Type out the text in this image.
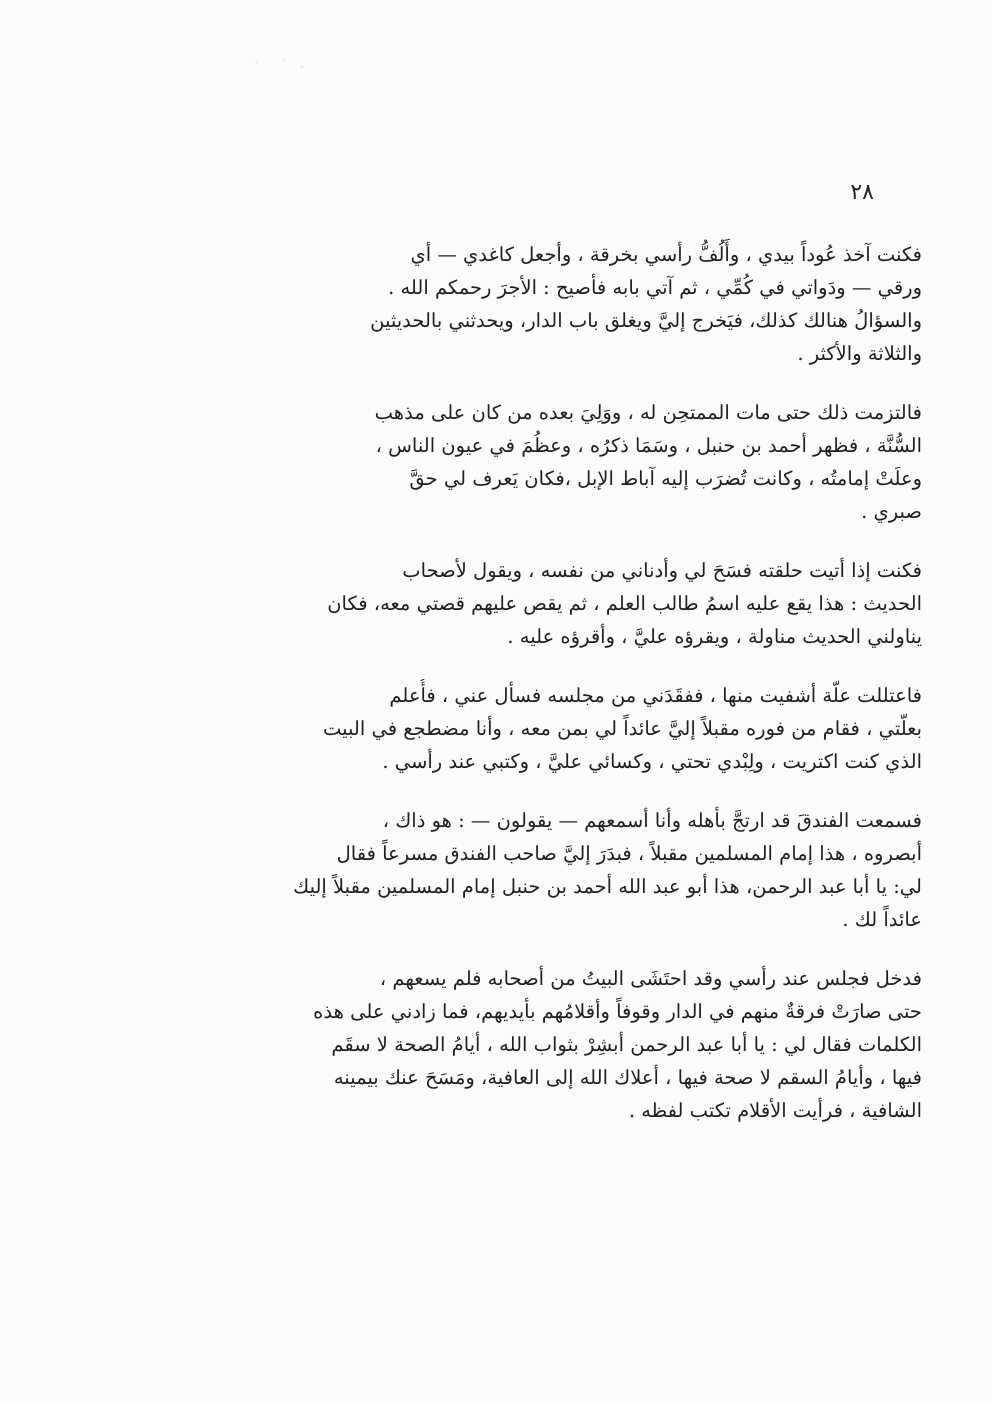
٢٨

فكنت آخذ عُوداً بيدي ، وأَلُفُّ رأسي بخرقة ، وأجعل كاغدي — أي
ورقي — ودَواتي في كُمِّي ، ثم آتي بابه فأصيح : الأجرَ رحمكم الله .
والسؤالُ هنالك كذلك، فيَخرج إليَّ ويغلق باب الدار، ويحدثني بالحديثين
والثلاثة والأكثر .

فالتزمت ذلك حتى مات الممتحِن له ، ووَلِيَ بعده من كان على مذهب
السُّنَّة ، فظهر أحمد بن حنبل ، وسَمَا ذكرُه ، وعظُمَ في عيون الناس ،
وعلَتْ إمامتُه ، وكانت تُضرَب إليه آباط الإبل ،فكان يَعرف لي حقَّ
صبري .

فكنت إذا أتيت حلقته فسَحَ لي وأدناني من نفسه ، ويقول لأصحاب
الحديث : هذا يقع عليه اسمُ طالب العلم ، ثم يقص عليهم قصتي معه، فكان
يناولني الحديث مناولة ، ويقرؤه عليَّ ، وأقرؤه عليه .

فاعتللت علّة أشفيت منها ، ففقَدَني من مجلسه فسأل عني ، فأُعلم
بعلّتي ، فقام من فوره مقبلاً إليَّ عائداً لي بمن معه ، وأنا مضطجع في البيت
الذي كنت اكتريت ، ولِبْدي تحتي ، وكسائي عليَّ ، وكتبي عند رأسي .

فسمعت الفندقَ قد ارتجَّ بأهله وأنا أسمعهم — يقولون — : هو ذاك ،
أبصروه ، هذا إمام المسلمين مقبلاً ، فبدَرَ إليَّ صاحب الفندق مسرعاً فقال
لي: يا أبا عبد الرحمن، هذا أبو عبد الله أحمد بن حنبل إمام المسلمين مقبلاً إليك
عائداً لك .

فدخل فجلس عند رأسي وقد احتَشَى البيتُ من أصحابه فلم يسعهم ،
حتى صارَتْ فرقةٌ منهم في الدار وقوفاً وأقلامُهم بأيديهم، فما زادني على هذه
الكلمات فقال لي : يا أبا عبد الرحمن أبشِرْ بثواب الله ، أيامُ الصحة لا سقَم
فيها ، وأيامُ السقم لا صحة فيها ، أعلاك الله إلى العافية، ومَسَحَ عنك بيمينه
الشافية ، فرأيت الأقلام تكتب لفظه .
